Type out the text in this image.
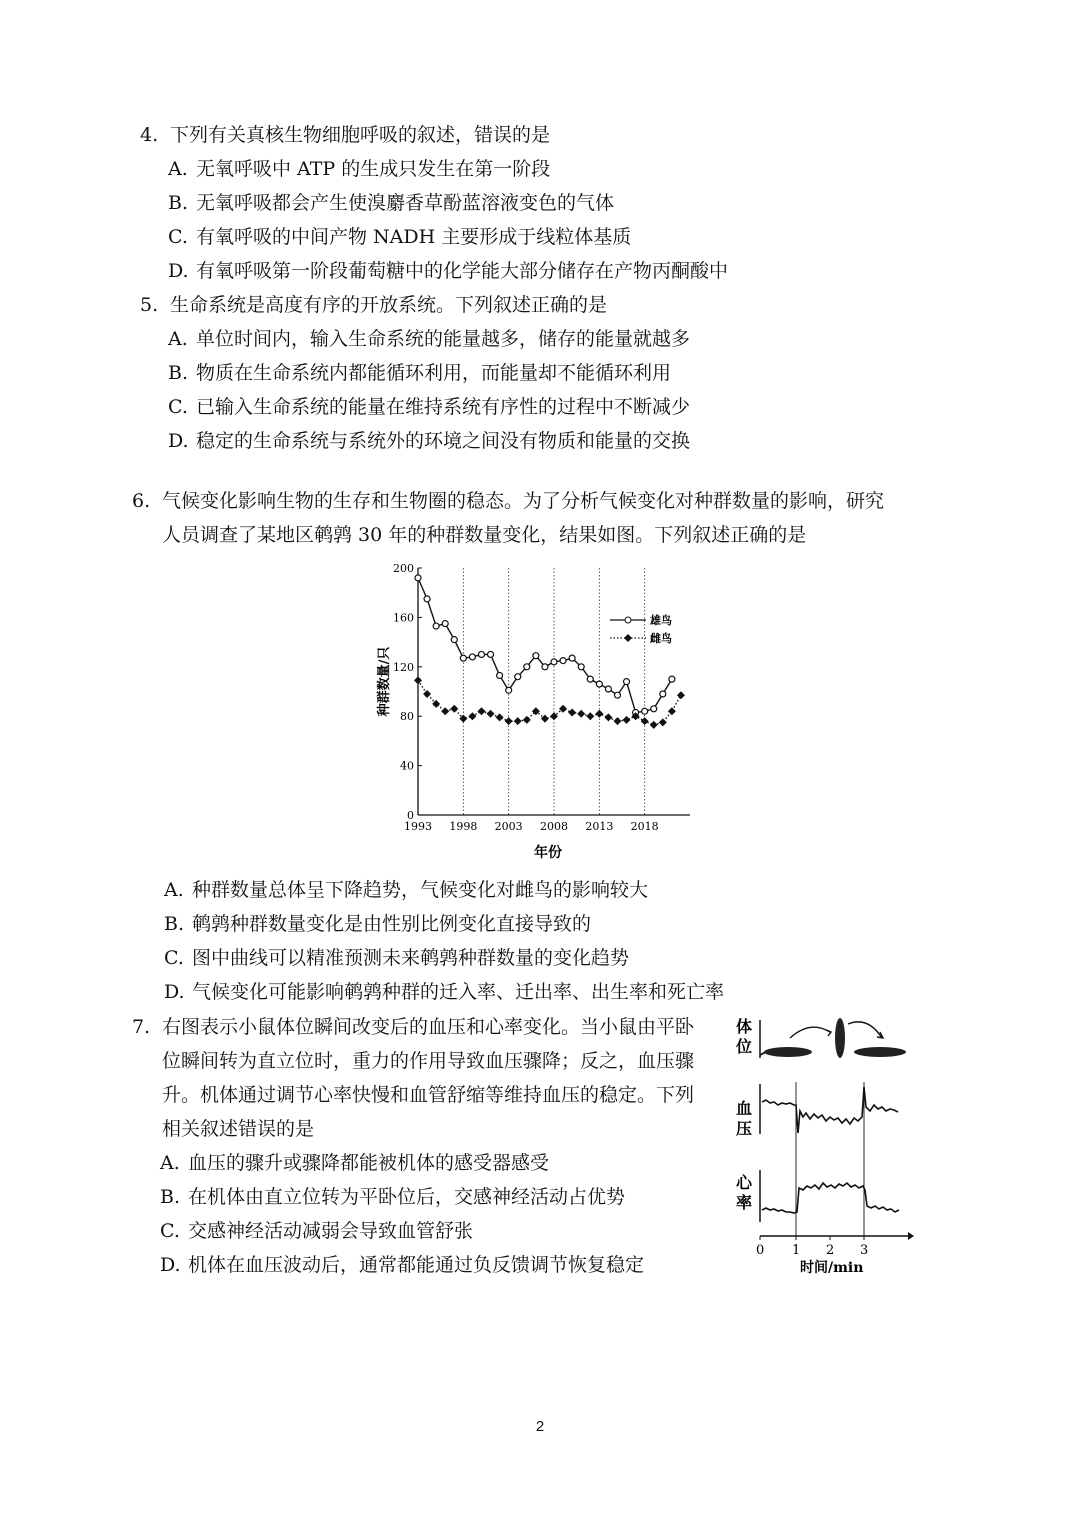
4. 下列有关真核生物细胞呼吸的叙述，错误的是
A. 无氧呼吸中 ATP 的生成只发生在第一阶段
B. 无氧呼吸都会产生使溴麝香草酚蓝溶液变色的气体
C. 有氧呼吸的中间产物 NADH 主要形成于线粒体基质
D. 有氧呼吸第一阶段葡萄糖中的化学能大部分储存在产物丙酮酸中
5. 生命系统是高度有序的开放系统。下列叙述正确的是
A. 单位时间内，输入生命系统的能量越多，储存的能量就越多
B. 物质在生命系统内都能循环利用，而能量却不能循环利用
C. 已输入生命系统的能量在维持系统有序性的过程中不断减少
D. 稳定的生命系统与系统外的环境之间没有物质和能量的交换
6. 气候变化影响生物的生存和生物圈的稳态。为了分析气候变化对种群数量的影响，研究
人员调查了某地区鹌鹑 30 年的种群数量变化，结果如图。下列叙述正确的是
0
40
80
120
160
200
1993 1998 2003 2008 2013 2018
年份
种群数量/只
雄鸟
雌鸟
A. 种群数量总体呈下降趋势，气候变化对雌鸟的影响较大
B. 鹌鹑种群数量变化是由性别比例变化直接导致的
C. 图中曲线可以精准预测未来鹌鹑种群数量的变化趋势
D. 气候变化可能影响鹌鹑种群的迁入率、迁出率、出生率和死亡率
7. 右图表示小鼠体位瞬间改变后的血压和心率变化。当小鼠由平卧
位瞬间转为直立位时，重力的作用导致血压骤降；反之，血压骤
升。机体通过调节心率快慢和血管舒缩等维持血压的稳定。下列
相关叙述错误的是
A. 血压的骤升或骤降都能被机体的感受器感受
B. 在机体由直立位转为平卧位后，交感神经活动占优势
C. 交感神经活动减弱会导致血管舒张
D. 机体在血压波动后，通常都能通过负反馈调节恢复稳定
体
位
血
压
心
率
0 1 2 3
时间/min
2
